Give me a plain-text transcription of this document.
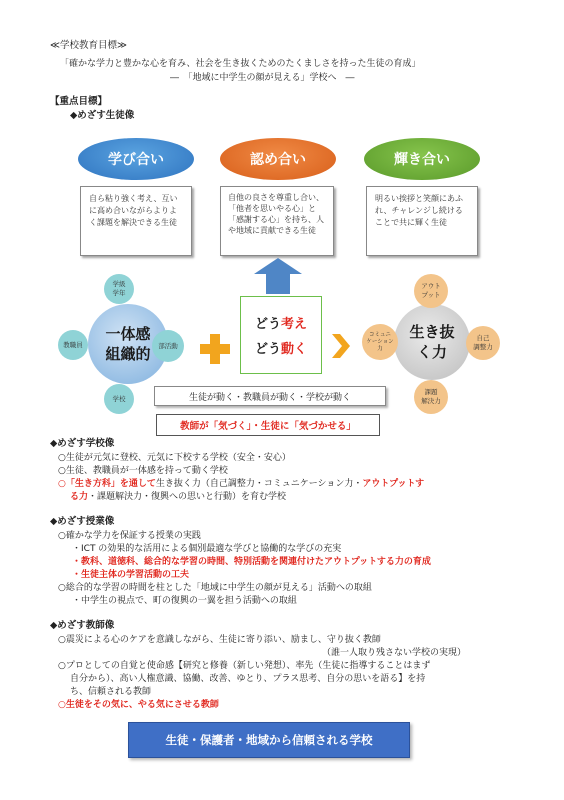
≪学校教育目標≫
「確かな学力と豊かな心を育み、社会を生き抜くためのたくましさを持った生徒の育成」
―　「地域に中学生の顔が見える」学校へ　―
【重点目標】
◆めざす生徒像
学び合い	認め合い	輝き合い
自ら粘り強く考え、互いに高め合いながらよりよく課題を解決できる生徒
自他の良さを尊重し合い、「他者を思いやる心」と「感謝する心」を持ち、人や地域に貢献できる生徒
明るい挨拶と笑顔にあふれ、チャレンジし続けることで共に輝く生徒
一体感
組織的
学級
学年
教職員	部活動
学校
どう考え
どう動く
生き抜
く力
アウト
プット
コミュニ
ケーション
力
自己
調整力
課題
解決力
生徒が動く・教職員が動く・学校が動く
教師が「気づく」・生徒に「気づかせる」
◆めざす学校像
○生徒が元気に登校、元気に下校する学校（安全・安心）
○生徒、教職員が一体感を持って動く学校
○「生き方科」を通して生き抜く力（自己調整力・コミュニケーション力・アウトプットす
る力・課題解決力・復興への思いと行動）を育む学校
◆めざす授業像
○確かな学力を保証する授業の実践
・ICT の効果的な活用による個別最適な学びと協働的な学びの充実
・教科、道徳科、総合的な学習の時間、特別活動を関連付けたアウトプットする力の育成
・生徒主体の学習活動の工夫
○総合的な学習の時間を柱とした「地域に中学生の顔が見える」活動への取組
・中学生の視点で、町の復興の一翼を担う活動への取組
◆めざす教師像
○震災による心のケアを意識しながら、生徒に寄り添い、励まし、守り抜く教師
（誰一人取り残さない学校の実現）
○プロとしての自覚と使命感【研究と修養（新しい発想）、率先（生徒に指導することはまず
自分から）、高い人権意識、協働、改善、ゆとり、プラス思考、自分の思いを語る】を持
ち、信頼される教師
○生徒をその気に、やる気にさせる教師
生徒・保護者・地域から信頼される学校
